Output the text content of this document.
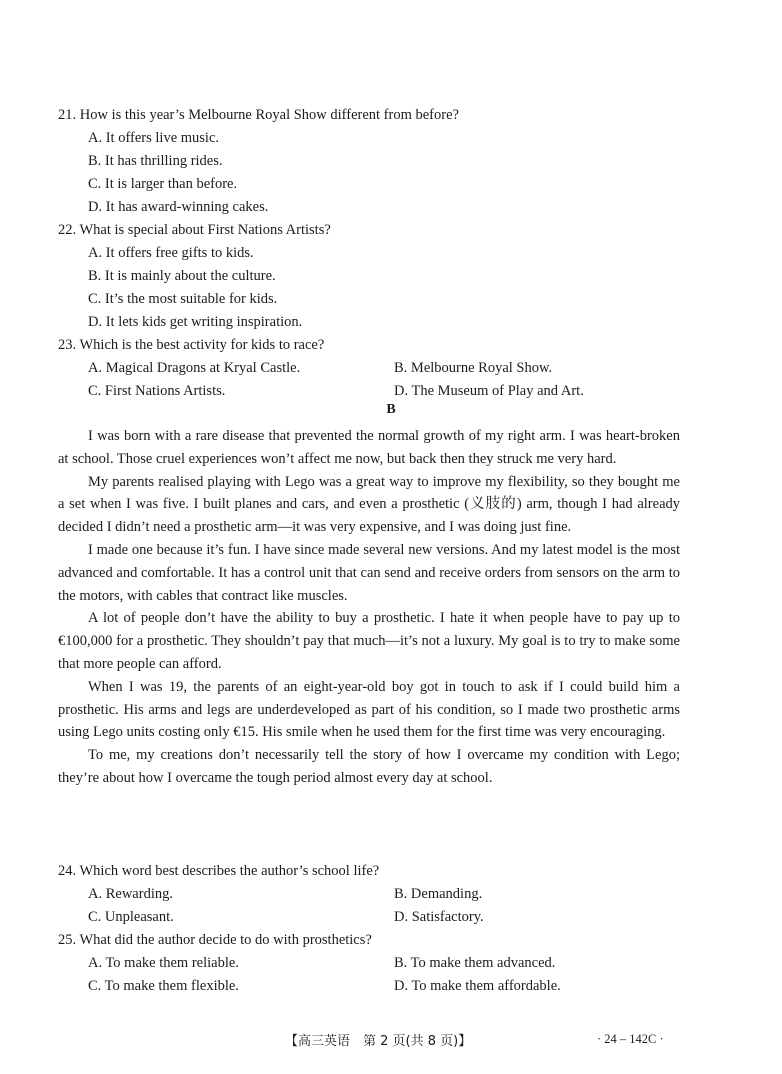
21. How is this year’s Melbourne Royal Show different from before?
A. It offers live music.
B. It has thrilling rides.
C. It is larger than before.
D. It has award-winning cakes.
22. What is special about First Nations Artists?
A. It offers free gifts to kids.
B. It is mainly about the culture.
C. It’s the most suitable for kids.
D. It lets kids get writing inspiration.
23. Which is the best activity for kids to race?
A. Magical Dragons at Kryal Castle.	B. Melbourne Royal Show.
C. First Nations Artists.	D. The Museum of Play and Art.
B

I was born with a rare disease that prevented the normal growth of my right arm. I was heart-broken at school. Those cruel experiences won’t affect me now, but back then they struck me very hard.

My parents realised playing with Lego was a great way to improve my flexibility, so they bought me a set when I was five. I built planes and cars, and even a prosthetic (义肢的) arm, though I had already decided I didn’t need a prosthetic arm—it was very expensive, and I was doing just fine.

I made one because it’s fun. I have since made several new versions. And my latest model is the most advanced and comfortable. It has a control unit that can send and receive orders from sensors on the arm to the motors, with cables that contract like muscles.

A lot of people don’t have the ability to buy a prosthetic. I hate it when people have to pay up to €100,000 for a prosthetic. They shouldn’t pay that much—it’s not a luxury. My goal is to try to make some that more people can afford.

When I was 19, the parents of an eight-year-old boy got in touch to ask if I could build him a prosthetic. His arms and legs are underdeveloped as part of his condition, so I made two prosthetic arms using Lego units costing only €15. His smile when he used them for the first time was very encouraging.

To me, my creations don’t necessarily tell the story of how I overcame my condition with Lego; they’re about how I overcame the tough period almost every day at school.

24. Which word best describes the author’s school life?
A. Rewarding.	B. Demanding.
C. Unpleasant.	D. Satisfactory.
25. What did the author decide to do with prosthetics?
A. To make them reliable.	B. To make them advanced.
C. To make them flexible.	D. To make them affordable.
【高三英语　第 2 页(共 8 页)】	· 24 – 142C ·
